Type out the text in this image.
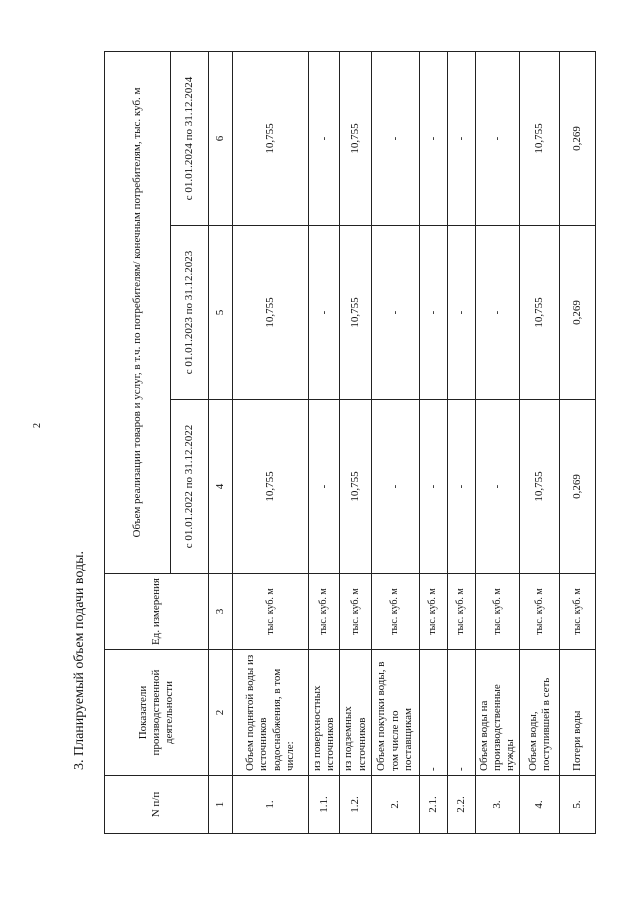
2
3. Планируемый объем подачи воды.
N п/п	Показатели производственной деятельности	Ед. измерения	Объем реализации товаров и услуг, в т.ч. по потребителям/ конечным потребителям, тыс. куб. м		
			с 01.01.2022 по 31.12.2022	с 01.01.2023 по 31.12.2023	с 01.01.2024 по 31.12.2024
1	2	3	4	5	6
1.	Объем поднятой воды из источников водоснабжения, в том числе:	тыс. куб. м	10,755	10,755	10,755
1.1.	из поверхностных источников	тыс. куб. м	-	-	-
1.2.	из подземных источников	тыс. куб. м	10,755	10,755	10,755
2.	Объем покупки воды, в том числе по поставщикам	тыс. куб. м	-	-	-
2.1.	-	тыс. куб. м	-	-	-
2.2.	-	тыс. куб. м	-	-	-
3.	Объем воды на производственные нужды	тыс. куб. м	-	-	-
4.	Объем воды, поступившей в сеть	тыс. куб. м	10,755	10,755	10,755
5.	Потери воды	тыс. куб. м	0,269	0,269	0,269
